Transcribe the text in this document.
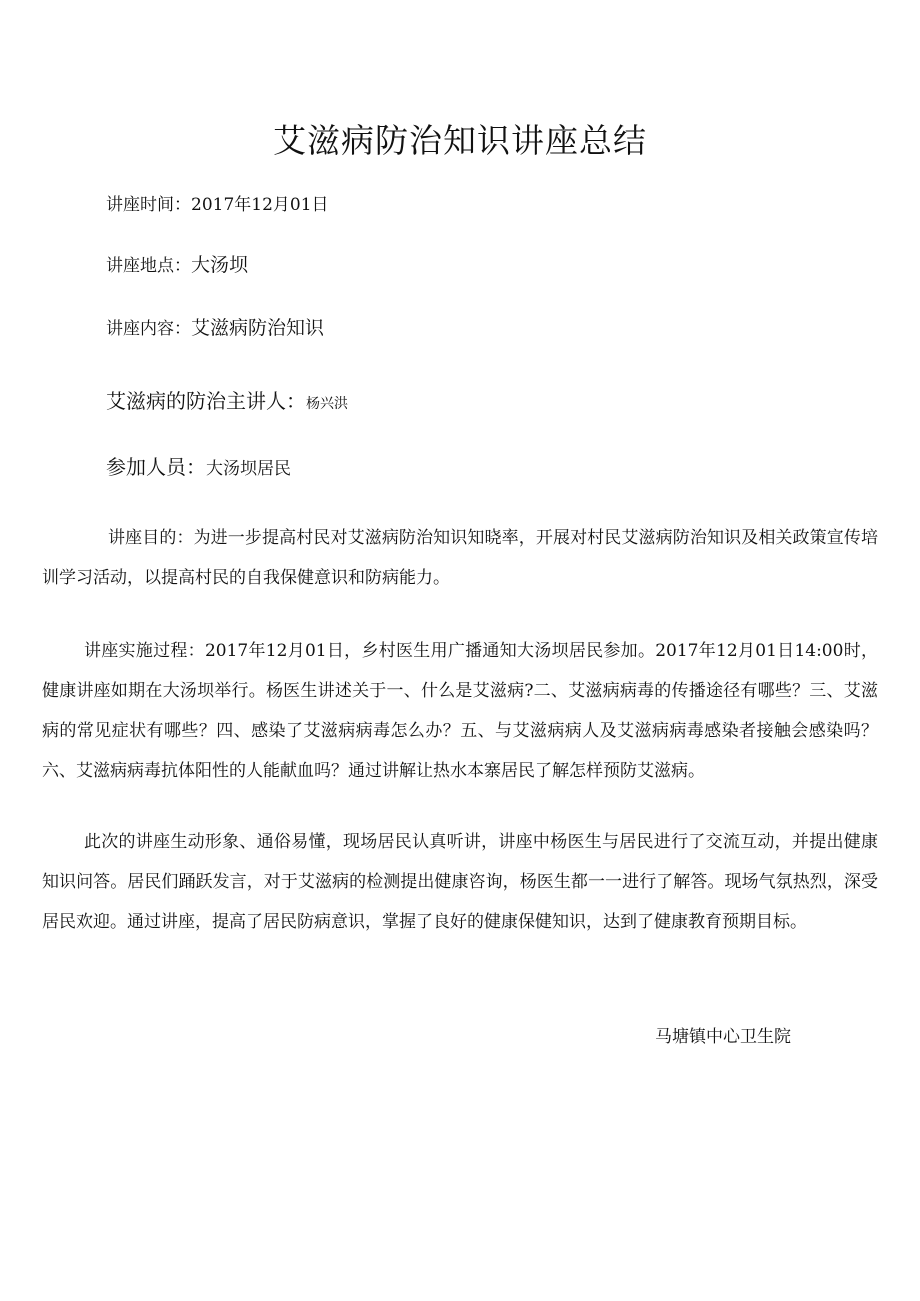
艾滋病防治知识讲座总结
讲座时间：2017年12月01日
讲座地点：大汤坝
讲座内容：艾滋病防治知识
艾滋病的防治主讲人：杨兴洪
参加人员：大汤坝居民
讲座目的：为进一步提高村民对艾滋病防治知识知晓率，开展对村民艾滋病防治知识及相关政策宣传培训学习活动，以提高村民的自我保健意识和防病能力。
讲座实施过程：2017年12月01日，乡村医生用广播通知大汤坝居民参加。2017年12月01日14:00时，健康讲座如期在大汤坝举行。杨医生讲述关于一、什么是艾滋病?二、艾滋病病毒的传播途径有哪些？三、艾滋病的常见症状有哪些？四、感染了艾滋病病毒怎么办？五、与艾滋病病人及艾滋病病毒感染者接触会感染吗？六、艾滋病病毒抗体阳性的人能献血吗？通过讲解让热水本寨居民了解怎样预防艾滋病。
此次的讲座生动形象、通俗易懂，现场居民认真听讲，讲座中杨医生与居民进行了交流互动，并提出健康知识问答。居民们踊跃发言，对于艾滋病的检测提出健康咨询，杨医生都一一进行了解答。现场气氛热烈，深受居民欢迎。通过讲座，提高了居民防病意识，掌握了良好的健康保健知识，达到了健康教育预期目标。
马塘镇中心卫生院
